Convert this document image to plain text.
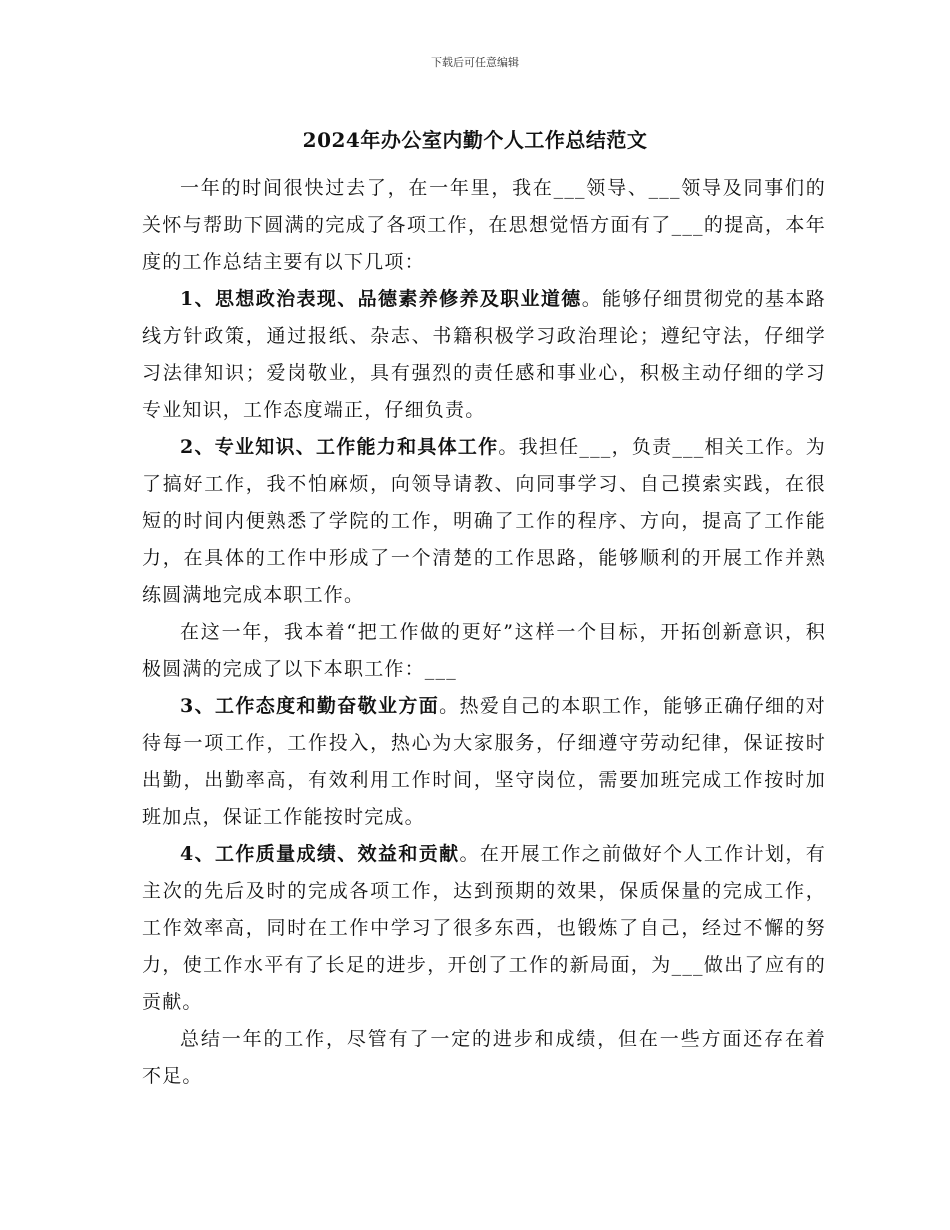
下载后可任意编辑
2024年办公室内勤个人工作总结范文

一年的时间很快过去了，在一年里，我在___领导、___领导及同事们的关怀与帮助下圆满的完成了各项工作，在思想觉悟方面有了___的提高，本年度的工作总结主要有以下几项：

1、思想政治表现、品德素养修养及职业道德。能够仔细贯彻党的基本路线方针政策，通过报纸、杂志、书籍积极学习政治理论；遵纪守法，仔细学习法律知识；爱岗敬业，具有强烈的责任感和事业心，积极主动仔细的学习专业知识，工作态度端正，仔细负责。

2、专业知识、工作能力和具体工作。我担任___，负责___相关工作。为了搞好工作，我不怕麻烦，向领导请教、向同事学习、自己摸索实践，在很短的时间内便熟悉了学院的工作，明确了工作的程序、方向，提高了工作能力，在具体的工作中形成了一个清楚的工作思路，能够顺利的开展工作并熟练圆满地完成本职工作。

在这一年，我本着“把工作做的更好”这样一个目标，开拓创新意识，积极圆满的完成了以下本职工作：___

3、工作态度和勤奋敬业方面。热爱自己的本职工作，能够正确仔细的对待每一项工作，工作投入，热心为大家服务，仔细遵守劳动纪律，保证按时出勤，出勤率高，有效利用工作时间，坚守岗位，需要加班完成工作按时加班加点，保证工作能按时完成。

4、工作质量成绩、效益和贡献。在开展工作之前做好个人工作计划，有主次的先后及时的完成各项工作，达到预期的效果，保质保量的完成工作，工作效率高，同时在工作中学习了很多东西，也锻炼了自己，经过不懈的努力，使工作水平有了长足的进步，开创了工作的新局面，为___做出了应有的贡献。

总结一年的工作，尽管有了一定的进步和成绩，但在一些方面还存在着不足。
